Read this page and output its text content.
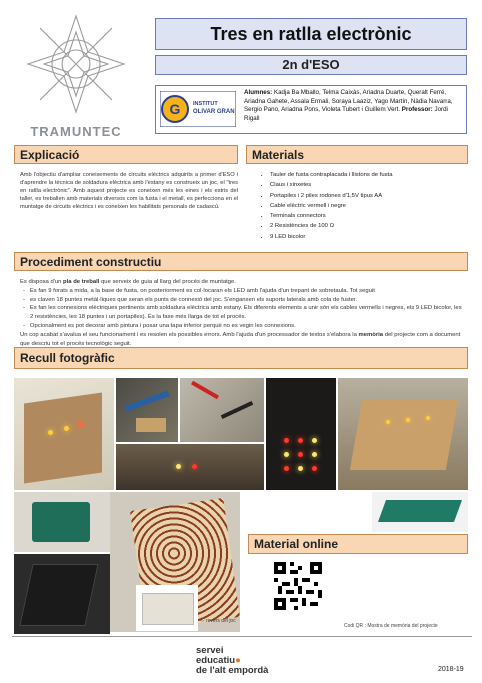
TRAMUNTEC
Tres en ratlla electrònic
2n d'ESO
G INSTITUT
OLIVAR GRAN
Alumnes: Kadja Ba Mballo, Telma Caixàs, Ariadna Duarte, Queralt Ferré, Ariadna Gahete, Assala Ermali, Soraya Laaziz, Yago Martín, Nàdia Navarra, Sergio Pano, Ariadna Pons, Violeta Tubert i Guillem Vert. Professor: Jordi Rigall
Explicació
Amb l'objectiu d'ampliar coneixements de circuits elèctrics adquirits a primer d'ESO i d'aprendre la tècnica de soldadura elèctrica amb l'estany es construeix un joc, el "tres en ratlla electrònic". Amb aquest projecte es coneixen més les eines i els estris del taller, es treballen amb materials diversos com la fusta i el metall, es perfecciona en el muntatge de circuits elèctrics i es coneixen les habilitats personals de cadascú.
Materials
• Tauler de fusta contraplacada i llistons de fusta
• Claus i xinxetes
• Portapiles i 2 piles rodones d'1,5V tipus AA
• Cable elèctric vermell i negre
• Terminals connectors
• 2 Resistències de 100 Ω
• 9 LED bicolor
Procediment constructiu

Es disposa d'un pla de treball que serveix de guia al llarg del procés de muntatge.

-   Es fan 9 forats a mida, a la base de fusta, on posteriorment es col·locaran els LED amb l'ajuda d'un trepant de sobretaula. Tot seguit

-   es claven 18 puntes metàl·liques que seran els punts de connexió del joc. S'enganxen els suports laterals amb cola de fuster.

-   Es fan les connexions elèctriques pertinents amb soldadura elèctrica amb estany. Els diferents elements a unir són els cables vermells i negres, els 9 LED bicolor, les 2 resistències, les 18 puntes i un portapiles). És la fase més llarga de tot el procés.

-   Opcionalment es pot decorar amb pintura i posar una tapa inferior perquè no es vegin les connexions.

Un cop acabat s'avalua el seu funcionament i es resolen els possibles errors. Amb l'ajuda d'un processador de textos s'elabora la memòria del projecte com a document que descriu tot el procés tecnològic seguit.

Recull fotogràfic
<- revers del joc
Material online
Codi QR : Mostra de memòria del projecte
servei
educatiu●
de l'alt empordà	2018-19
